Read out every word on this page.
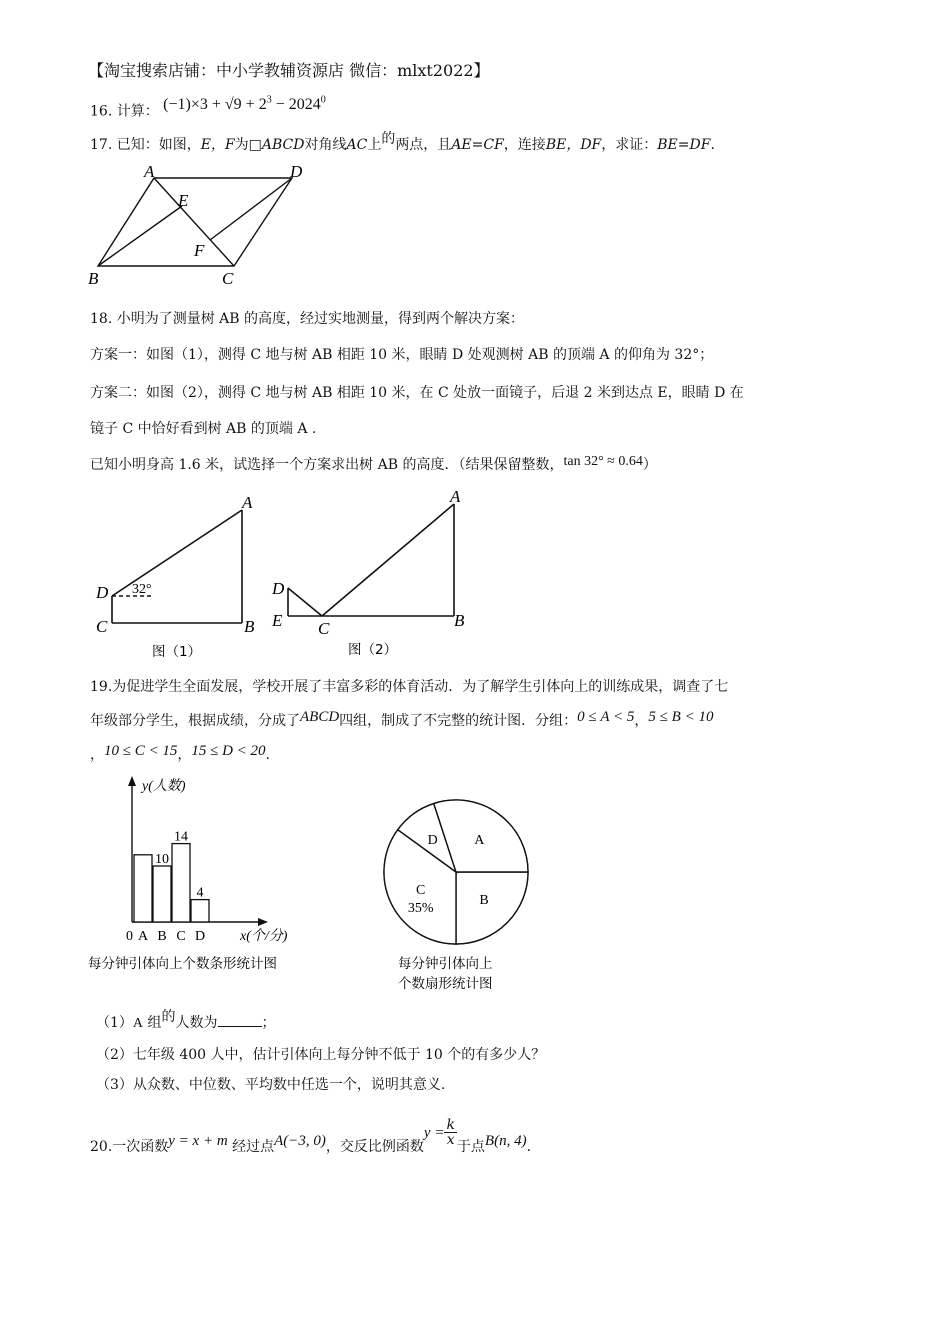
【淘宝搜索店铺：中小学教辅资源店 微信：mlxt2022】
16. 计算： $(-1)\times 3 + √9 + 2^3 - 2024^0$
17. 已知：如图，E，F为□ABCD对角线AC上的两点，且AE=CF，连接BE，DF，求证：BE=DF.
A	D
E
F
B	C
18. 小明为了测量树 AB 的高度，经过实地测量，得到两个解决方案：
方案一：如图（1），测得 C 地与树 AB 相距 10 米，眼睛 D 处观测树 AB 的顶端 A 的仰角为 32°；
方案二：如图（2），测得 C 地与树 AB 相距 10 米，在 C 处放一面镜子，后退 2 米到达点 E，眼睛 D 在
镜子 C 中恰好看到树 AB 的顶端 A .
已知小明身高 1.6 米，试选择一个方案求出树 AB 的高度．（结果保留整数，tan 32° ≈ 0.64）
A
B
C
D 32°
图（1）
A
B
C
D
E
图（2）
19.为促进学生全面发展，学校开展了丰富多彩的体育活动．为了解学生引体向上的训练成果，调查了七
年级部分学生，根据成绩，分成了ABCD四组，制成了不完整的统计图．分组：0 ≤ A < 5，5 ≤ B < 10
，10 ≤ C < 15，15 ≤ D < 20.
A B
10
C
14
D
4
y(人数)
x(个/分)
0
每分钟引体向上个数条形统计图
B
C
35%
D	A
每分钟引体向上
个数扇形统计图
（1）A 组的人数为	；
（2）七年级 400 人中，估计引体向上每分钟不低于 10 个的有多少人？
（3）从众数、中位数、平均数中任选一个，说明其意义.
20.一次函数y = x + m 经过点A(−3, 0)，交反比例函数$y = \frac{k}{x}$ 于点B(n, 4).
